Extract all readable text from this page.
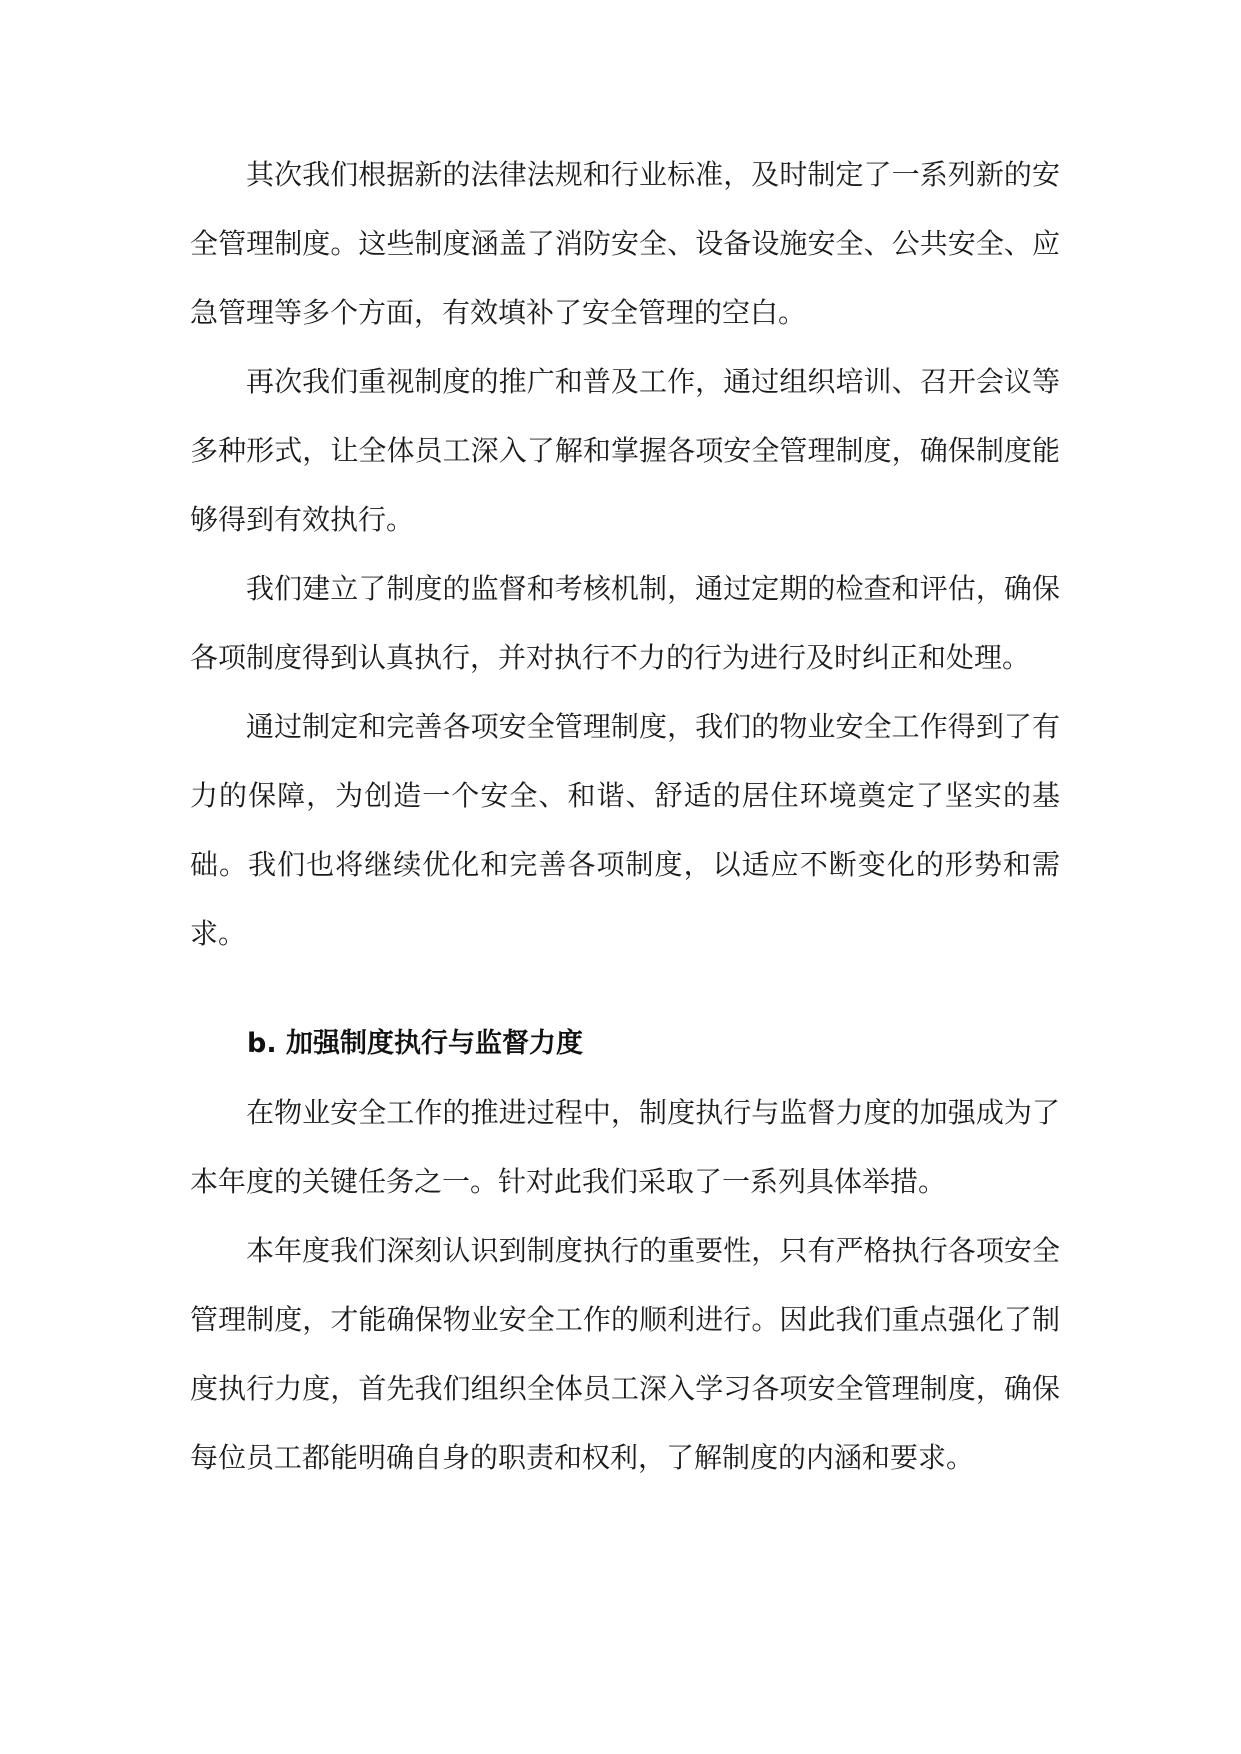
其次我们根据新的法律法规和行业标准，及时制定了一系列新的安全管理制度。这些制度涵盖了消防安全、设备设施安全、公共安全、应急管理等多个方面，有效填补了安全管理的空白。

再次我们重视制度的推广和普及工作，通过组织培训、召开会议等多种形式，让全体员工深入了解和掌握各项安全管理制度，确保制度能够得到有效执行。

我们建立了制度的监督和考核机制，通过定期的检查和评估，确保各项制度得到认真执行，并对执行不力的行为进行及时纠正和处理。

通过制定和完善各项安全管理制度，我们的物业安全工作得到了有力的保障，为创造一个安全、和谐、舒适的居住环境奠定了坚实的基础。我们也将继续优化和完善各项制度，以适应不断变化的形势和需求。

b. 加强制度执行与监督力度

在物业安全工作的推进过程中，制度执行与监督力度的加强成为了本年度的关键任务之一。针对此我们采取了一系列具体举措。

本年度我们深刻认识到制度执行的重要性，只有严格执行各项安全管理制度，才能确保物业安全工作的顺利进行。因此我们重点强化了制度执行力度，首先我们组织全体员工深入学习各项安全管理制度，确保每位员工都能明确自身的职责和权利，了解制度的内涵和要求。
